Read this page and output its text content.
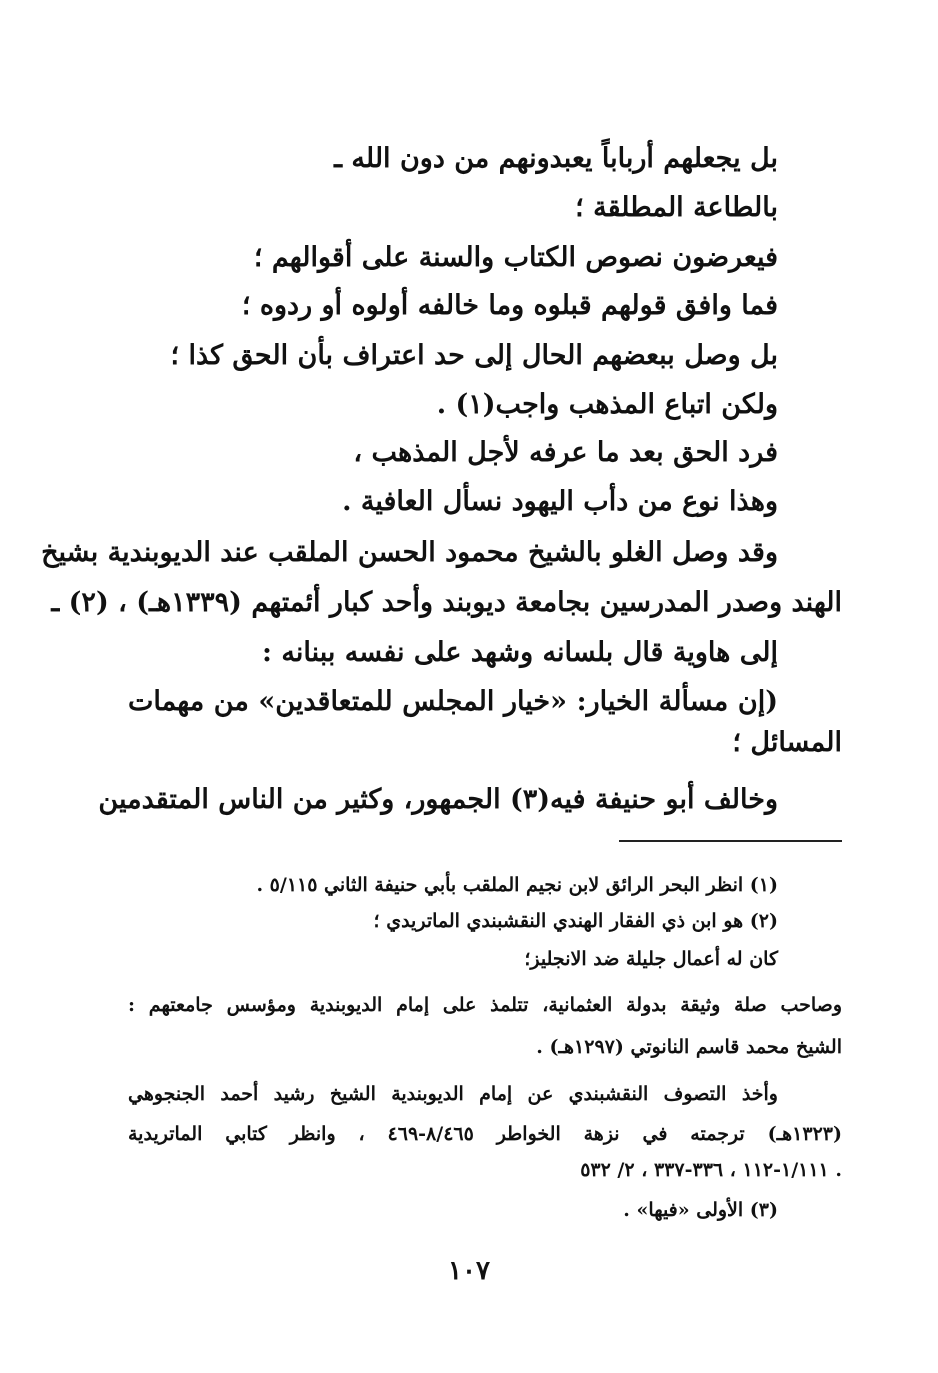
بل يجعلهم أرباباً يعبدونهم من دون الله ـ
بالطاعة المطلقة ؛
فيعرضون نصوص الكتاب والسنة على أقوالهم ؛
فما وافق قولهم قبلوه وما خالفه أولوه أو ردوه ؛
بل وصل ببعضهم الحال إلى حد اعتراف بأن الحق كذا ؛
ولكن اتباع المذهب واجب(١) .
فرد الحق بعد ما عرفه لأجل المذهب ،
وهذا نوع من دأب اليهود نسأل العافية .
وقد وصل الغلو بالشيخ محمود الحسن الملقب عند الديوبندية بشيخ
الهند وصدر المدرسين بجامعة ديوبند وأحد كبار أئمتهم (١٣٣٩هـ) ، (٢) ـ
إلى هاوية قال بلسانه وشهد على نفسه ببنانه :
(إن مسألة الخيار: «خيار المجلس للمتعاقدين» من مهمات
المسائل ؛
وخالف أبو حنيفة فيه(٣) الجمهور، وكثير من الناس المتقدمين
(١) انظر البحر الرائق لابن نجيم الملقب بأبي حنيفة الثاني ٥/١١٥ .
(٢) هو ابن ذي الفقار الهندي النقشبندي الماتريدي ؛
كان له أعمال جليلة ضد الانجليز؛
وصاحب صلة وثيقة بدولة العثمانية، تتلمذ على إمام الديوبندية ومؤسس جامعتهم :
الشيخ محمد قاسم النانوتي (١٢٩٧هـ) .
وأخذ التصوف النقشبندي عن إمام الديوبندية الشيخ رشيد أحمد الجنجوهي
(١٣٢٣هـ) ترجمته في نزهة الخواطر ٨/٤٦٥-٤٦٩ ، وانظر كتابي الماتريدية
١/١١١-١١٢ ، ٣٣٦-٣٣٧ ، ٢/ ٥٣٢ .
(٣) الأولى «فيها» .
١٠٧
